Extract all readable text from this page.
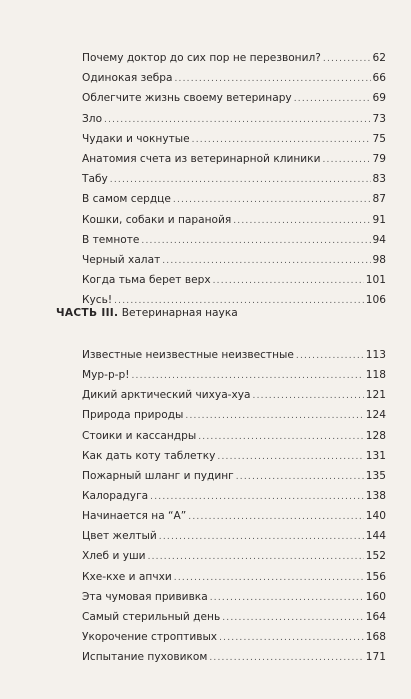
Почему доктор до сих пор не перезвонил? .....	62
Одинокая зебра .....	66
Облегчите жизнь своему ветеринару .....	69
Зло .....	73
Чудаки и чокнутые .....	75
Анатомия счета из ветеринарной клиники .....	79
Табу .....	83
В самом сердце .....	87
Кошки, собаки и паранойя .....	91
В темноте .....	94
Черный халат .....	98
Когда тьма берет верх .....	101
Кусь! .....	106
ЧАСТЬ III. Ветеринарная наука
Известные неизвестные неизвестные .....	113
Мур-р-р! .....	118
Дикий арктический чихуа-хуа .....	121
Природа природы .....	124
Стоики и кассандры .....	128
Как дать коту таблетку .....	131
Пожарный шланг и пудинг .....	135
Калорадуга .....	138
Начинается на “А” .....	140
Цвет желтый .....	144
Хлеб и уши .....	152
Кхе-кхе и апчхи .....	156
Эта чумовая прививка .....	160
Самый стерильный день .....	164
Укорочение строптивых .....	168
Испытание пуховиком .....	171
